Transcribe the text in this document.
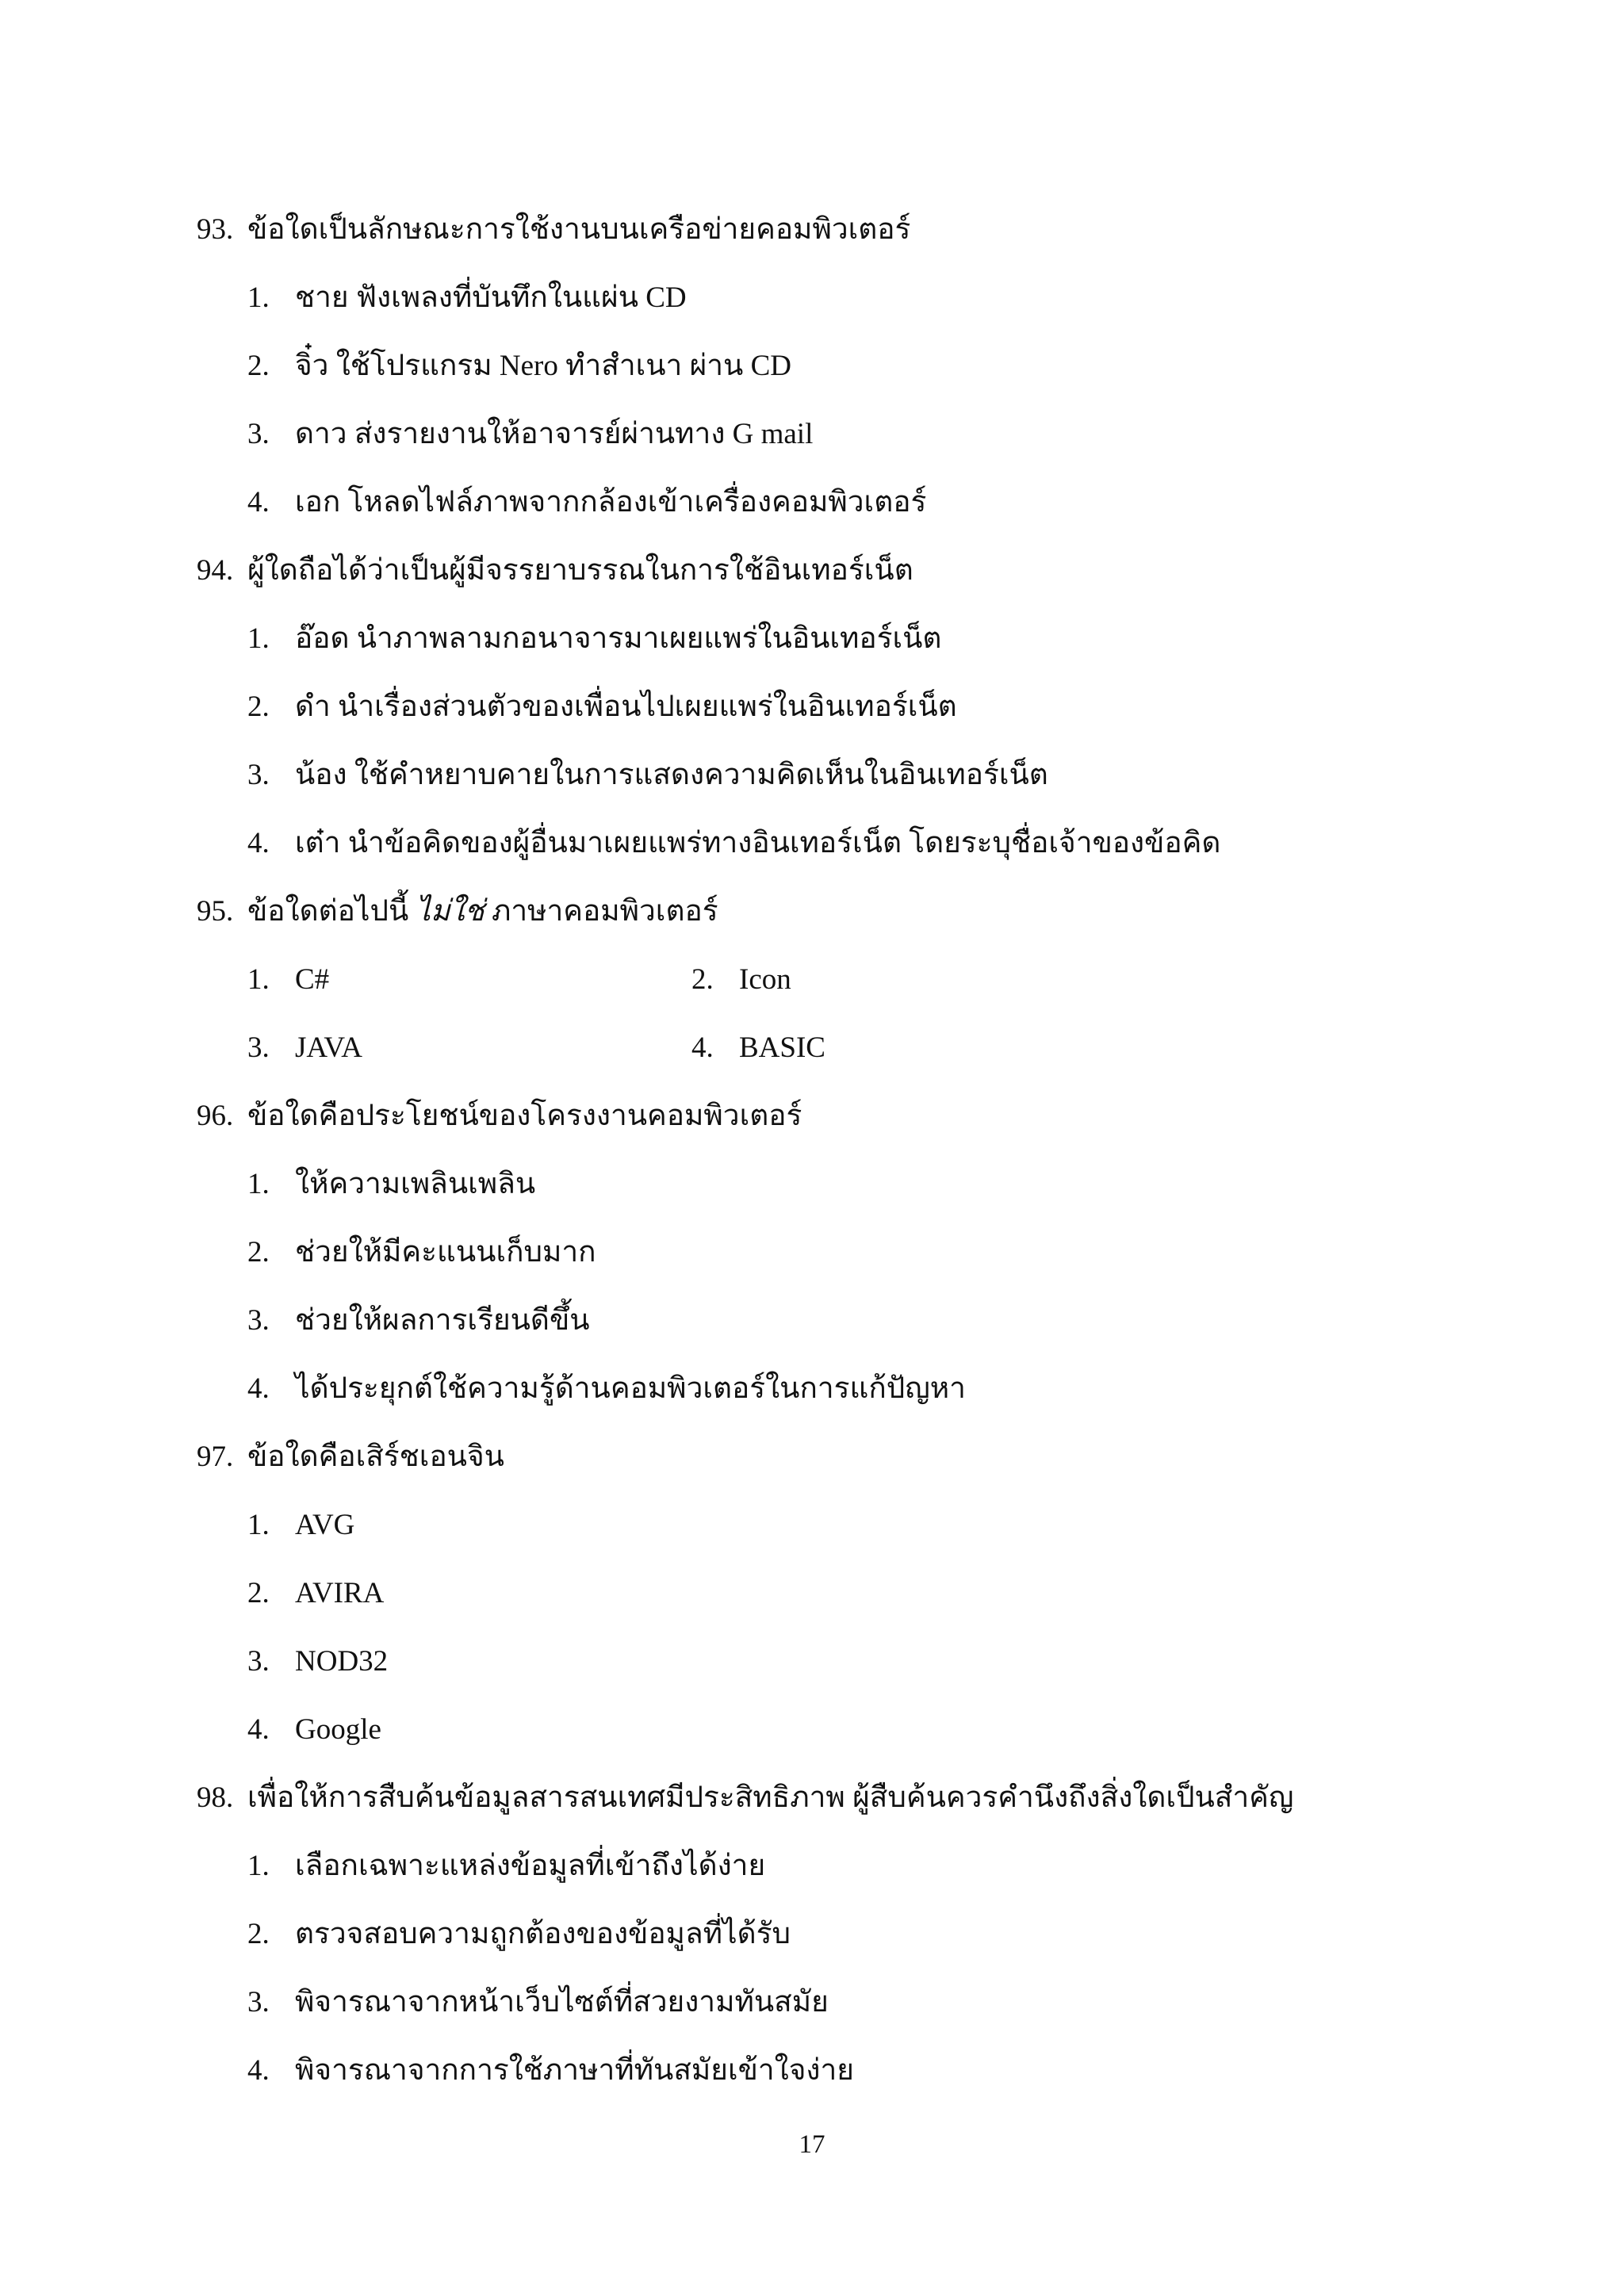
93. ข้อใดเป็นลักษณะการใช้งานบนเครือข่ายคอมพิวเตอร์
1. ชาย ฟังเพลงที่บันทึกในแผ่น CD
2. จิ๋ว ใช้โปรแกรม Nero ทำสำเนา ผ่าน CD
3. ดาว ส่งรายงานให้อาจารย์ผ่านทาง G mail
4. เอก โหลดไฟล์ภาพจากกล้องเข้าเครื่องคอมพิวเตอร์
94. ผู้ใดถือได้ว่าเป็นผู้มีจรรยาบรรณในการใช้อินเทอร์เน็ต
1. อ๊อด นำภาพลามกอนาจารมาเผยแพร่ในอินเทอร์เน็ต
2. ดำ นำเรื่องส่วนตัวของเพื่อนไปเผยแพร่ในอินเทอร์เน็ต
3. น้อง ใช้คำหยาบคายในการแสดงความคิดเห็นในอินเทอร์เน็ต
4. เต๋า นำข้อคิดของผู้อื่นมาเผยแพร่ทางอินเทอร์เน็ต โดยระบุชื่อเจ้าของข้อคิด
95. ข้อใดต่อไปนี้ ไม่ใช่ ภาษาคอมพิวเตอร์
1. C#	2. Icon
3. JAVA	4. BASIC
96. ข้อใดคือประโยชน์ของโครงงานคอมพิวเตอร์
1. ให้ความเพลินเพลิน
2. ช่วยให้มีคะแนนเก็บมาก
3. ช่วยให้ผลการเรียนดีขึ้น
4. ได้ประยุกต์ใช้ความรู้ด้านคอมพิวเตอร์ในการแก้ปัญหา
97. ข้อใดคือเสิร์ชเอนจิน
1. AVG
2. AVIRA
3. NOD32
4. Google
98. เพื่อให้การสืบค้นข้อมูลสารสนเทศมีประสิทธิภาพ ผู้สืบค้นควรคำนึงถึงสิ่งใดเป็นสำคัญ
1. เลือกเฉพาะแหล่งข้อมูลที่เข้าถึงได้ง่าย
2. ตรวจสอบความถูกต้องของข้อมูลที่ได้รับ
3. พิจารณาจากหน้าเว็บไซต์ที่สวยงามทันสมัย
4. พิจารณาจากการใช้ภาษาที่ทันสมัยเข้าใจง่าย
17
